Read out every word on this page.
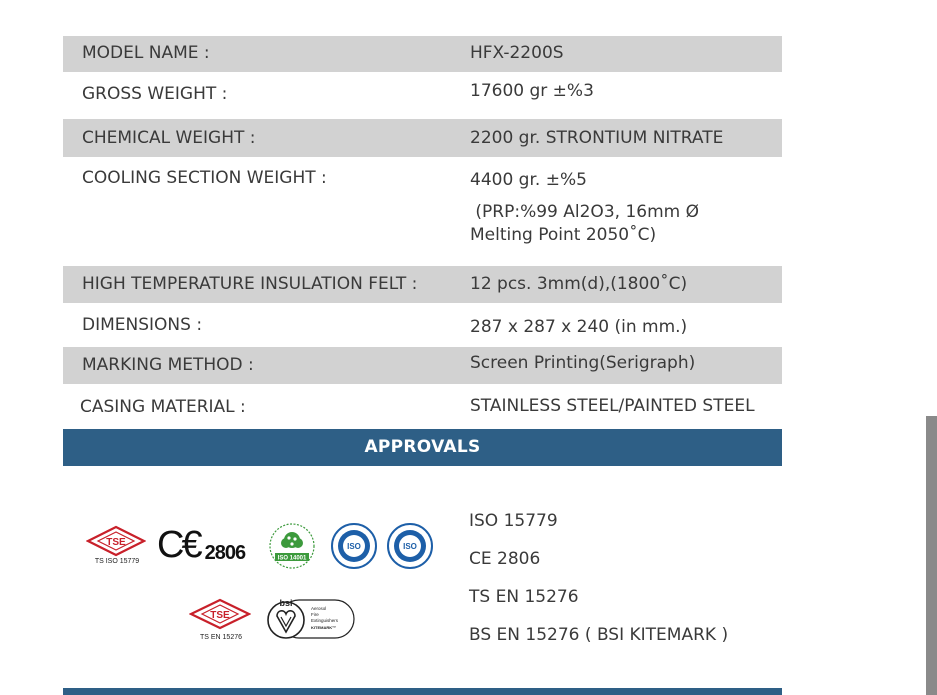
MODEL NAME :	HFX-2200S
GROSS WEIGHT :	17600 gr ±%3
CHEMICAL WEIGHT :	2200 gr. STRONTIUM NITRATE
COOLING SECTION WEIGHT :	4400 gr. ±%5
(PRP:%99 Al2O3, 16mm Ø
Melting Point 2050˚C)
HIGH TEMPERATURE INSULATION FELT :	12 pcs. 3mm(d),(1800˚C)
DIMENSIONS :	287 x 287 x 240 (in mm.)
MARKING METHOD :	Screen Printing(Serigraph)
CASING MATERIAL :	STAINLESS STEEL/PAINTED STEEL
APPROVALS
TSE
TS ISO 15779 C€ 2806	ISO 14001
ISO	ISO
TSE
TS EN 15276
bsi
Aerosol
Fire
Extinguishers
KITEMARK™
ISO 15779
CE 2806
TS EN 15276
BS EN 15276 ( BSI KITEMARK )
